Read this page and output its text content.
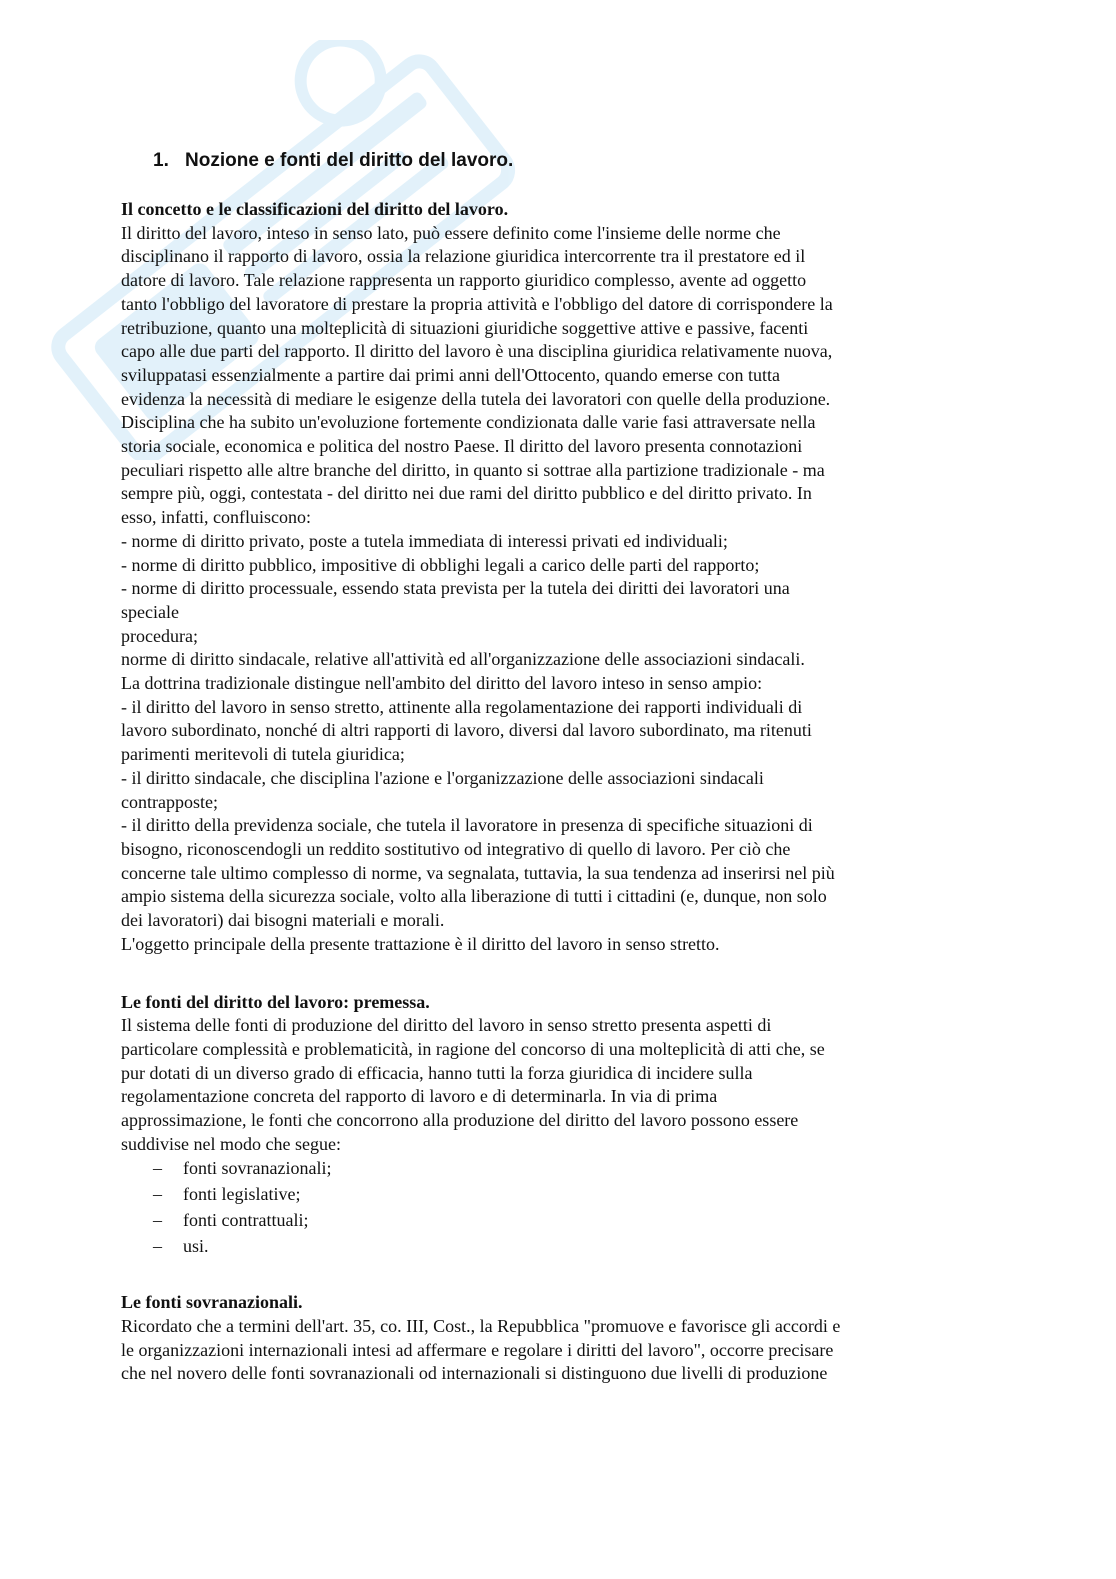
1. Nozione e fonti del diritto del lavoro.

Il concetto e le classificazioni del diritto del lavoro.

Il diritto del lavoro, inteso in senso lato, può essere definito come l'insieme delle norme che

disciplinano il rapporto di lavoro, ossia la relazione giuridica intercorrente tra il prestatore ed il

datore di lavoro. Tale relazione rappresenta un rapporto giuridico complesso, avente ad oggetto

tanto l'obbligo del lavoratore di prestare la propria attività e l'obbligo del datore di corrispondere la

retribuzione, quanto una molteplicità di situazioni giuridiche soggettive attive e passive, facenti

capo alle due parti del rapporto. Il diritto del lavoro è una disciplina giuridica relativamente nuova,

sviluppatasi essenzialmente a partire dai primi anni dell'Ottocento, quando emerse con tutta

evidenza la necessità di mediare le esigenze della tutela dei lavoratori con quelle della produzione.

Disciplina che ha subito un'evoluzione fortemente condizionata dalle varie fasi attraversate nella

storia sociale, economica e politica del nostro Paese. Il diritto del lavoro presenta connotazioni

peculiari rispetto alle altre branche del diritto, in quanto si sottrae alla partizione tradizionale - ma

sempre più, oggi, contestata - del diritto nei due rami del diritto pubblico e del diritto privato. In

esso, infatti, confluiscono:

- norme di diritto privato, poste a tutela immediata di interessi privati ed individuali;

- norme di diritto pubblico, impositive di obblighi legali a carico delle parti del rapporto;

- norme di diritto processuale, essendo stata prevista per la tutela dei diritti dei lavoratori una

speciale

procedura;

norme di diritto sindacale, relative all'attività ed all'organizzazione delle associazioni sindacali.

La dottrina tradizionale distingue nell'ambito del diritto del lavoro inteso in senso ampio:

- il diritto del lavoro in senso stretto, attinente alla regolamentazione dei rapporti individuali di

lavoro subordinato, nonché di altri rapporti di lavoro, diversi dal lavoro subordinato, ma ritenuti

parimenti meritevoli di tutela giuridica;

- il diritto sindacale, che disciplina l'azione e l'organizzazione delle associazioni sindacali

contrapposte;

- il diritto della previdenza sociale, che tutela il lavoratore in presenza di specifiche situazioni di

bisogno, riconoscendogli un reddito sostitutivo od integrativo di quello di lavoro. Per ciò che

concerne tale ultimo complesso di norme, va segnalata, tuttavia, la sua tendenza ad inserirsi nel più

ampio sistema della sicurezza sociale, volto alla liberazione di tutti i cittadini (e, dunque, non solo

dei lavoratori) dai bisogni materiali e morali.

L'oggetto principale della presente trattazione è il diritto del lavoro in senso stretto.

Le fonti del diritto del lavoro: premessa.

Il sistema delle fonti di produzione del diritto del lavoro in senso stretto presenta aspetti di

particolare complessità e problematicità, in ragione del concorso di una molteplicità di atti che, se

pur dotati di un diverso grado di efficacia, hanno tutti la forza giuridica di incidere sulla

regolamentazione concreta del rapporto di lavoro e di determinarla. In via di prima

approssimazione, le fonti che concorrono alla produzione del diritto del lavoro possono essere

suddivise nel modo che segue:

–	fonti sovranazionali;
–	fonti legislative;
–	fonti contrattuali;
–	usi.

Le fonti sovranazionali.

Ricordato che a termini dell'art. 35, co. III, Cost., la Repubblica "promuove e favorisce gli accordi e

le organizzazioni internazionali intesi ad affermare e regolare i diritti del lavoro", occorre precisare

che nel novero delle fonti sovranazionali od internazionali si distinguono due livelli di produzione
